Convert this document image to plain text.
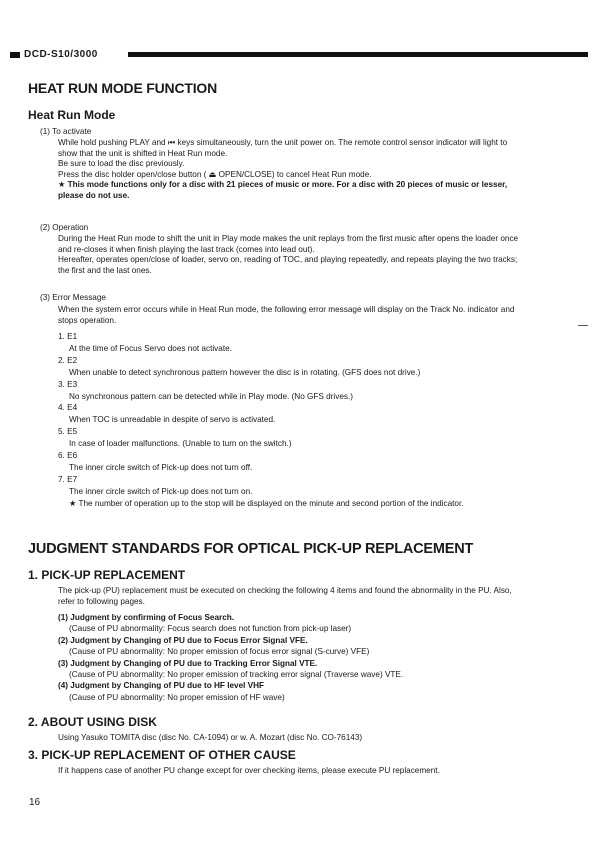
DCD-S10/3000
HEAT RUN MODE FUNCTION
Heat Run Mode
(1) To activate

While hold pushing PLAY and ⏮ keys simultaneously, turn the unit power on. The remote control sensor indicator will light to

show that the unit is shifted in Heat Run mode.

Be sure to load the disc previously.

Press the disc holder open/close button ( ⏏ OPEN/CLOSE) to cancel Heat Run mode.

★ This mode functions only for a disc with 21 pieces of music or more. For a disc with 20 pieces of music or lesser,

please do not use.

(2) Operation

During the Heat Run mode to shift the unit in Play mode makes the unit replays from the first music after opens the loader once

and re-closes it when finish playing the last track (comes into lead out).

Hereafter, operates open/close of loader, servo on, reading of TOC, and playing repeatedly, and repeats playing the two tracks;

the first and the last ones.

(3) Error Message

When the system error occurs while in Heat Run mode, the following error message will display on the Track No. indicator and

stops operation.

1. E1

At the time of Focus Servo does not activate.

2. E2

When unable to detect synchronous pattern however the disc is in rotating. (GFS does not drive.)

3. E3

No synchronous pattern can be detected while in Play mode. (No GFS drives.)

4. E4

When TOC is unreadable in despite of servo is activated.

5. E5

In case of loader malfunctions. (Unable to turn on the switch.)

6. E6

The inner circle switch of Pick-up does not turn off.

7. E7

The inner circle switch of Pick-up does not turn on.

★ The number of operation up to the stop will be displayed on the minute and second portion of the indicator.

JUDGMENT STANDARDS FOR OPTICAL PICK-UP REPLACEMENT
1. PICK-UP REPLACEMENT

The pick-up (PU) replacement must be executed on checking the following 4 items and found the abnormality in the PU. Also,

refer to following pages.

(1) Judgment by confirming of Focus Search.

(Cause of PU abnormality: Focus search does not function from pick-up laser)

(2) Judgment by Changing of PU due to Focus Error Signal VFE.

(Cause of PU abnormality: No proper emission of focus error signal (S-curve) VFE)

(3) Judgment by Changing of PU due to Tracking Error Signal VTE.

(Cause of PU abnormality: No proper emission of tracking error signal (Traverse wave) VTE.

(4) Judgment by Changing of PU due to HF level VHF

(Cause of PU abnormality: No proper emission of HF wave)

2. ABOUT USING DISK
Using Yasuko TOMITA disc (disc No. CA-1094) or w. A. Mozart (disc No. CO-76143)
3. PICK-UP REPLACEMENT OF OTHER CAUSE
If it happens case of another PU change except for over checking items, please execute PU replacement.
16
